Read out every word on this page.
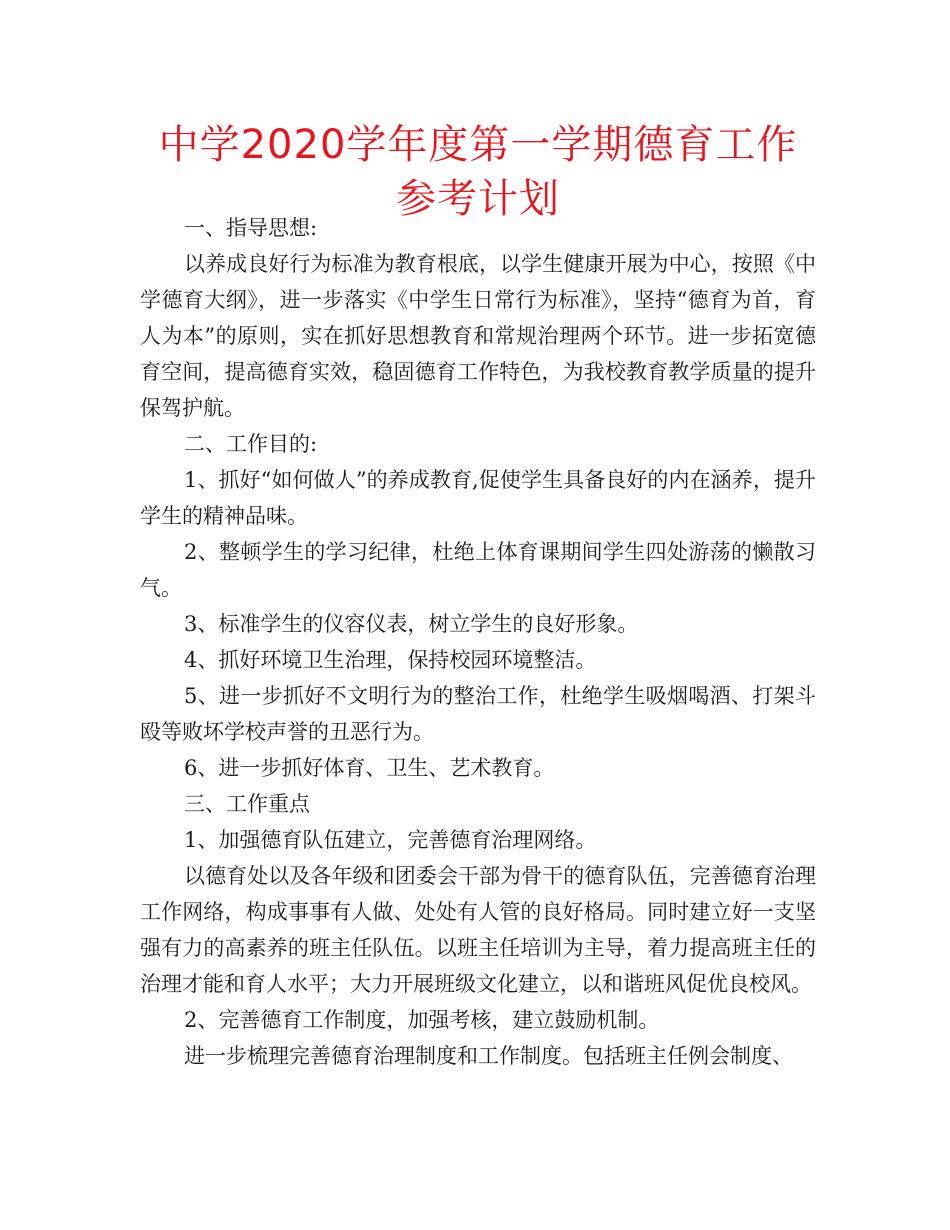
中学2020学年度第一学期德育工作参考计划

一、指导思想:

以养成良好行为标准为教育根底，以学生健康开展为中心，按照《中学德育大纲》，进一步落实《中学生日常行为标准》，坚持“德育为首，育人为本”的原则，实在抓好思想教育和常规治理两个环节。进一步拓宽德育空间，提高德育实效，稳固德育工作特色，为我校教育教学质量的提升保驾护航。

二、工作目的:

1、抓好“如何做人”的养成教育,促使学生具备良好的内在涵养，提升学生的精神品味。

2、整顿学生的学习纪律，杜绝上体育课期间学生四处游荡的懒散习气。

3、标准学生的仪容仪表，树立学生的良好形象。

4、抓好环境卫生治理，保持校园环境整洁。

5、进一步抓好不文明行为的整治工作，杜绝学生吸烟喝酒、打架斗殴等败坏学校声誉的丑恶行为。

6、进一步抓好体育、卫生、艺术教育。

三、工作重点

1、加强德育队伍建立，完善德育治理网络。

以德育处以及各年级和团委会干部为骨干的德育队伍，完善德育治理工作网络，构成事事有人做、处处有人管的良好格局。同时建立好一支坚强有力的高素养的班主任队伍。以班主任培训为主导，着力提高班主任的治理才能和育人水平；大力开展班级文化建立，以和谐班风促优良校风。

2、完善德育工作制度，加强考核，建立鼓励机制。

进一步梳理完善德育治理制度和工作制度。包括班主任例会制度、
